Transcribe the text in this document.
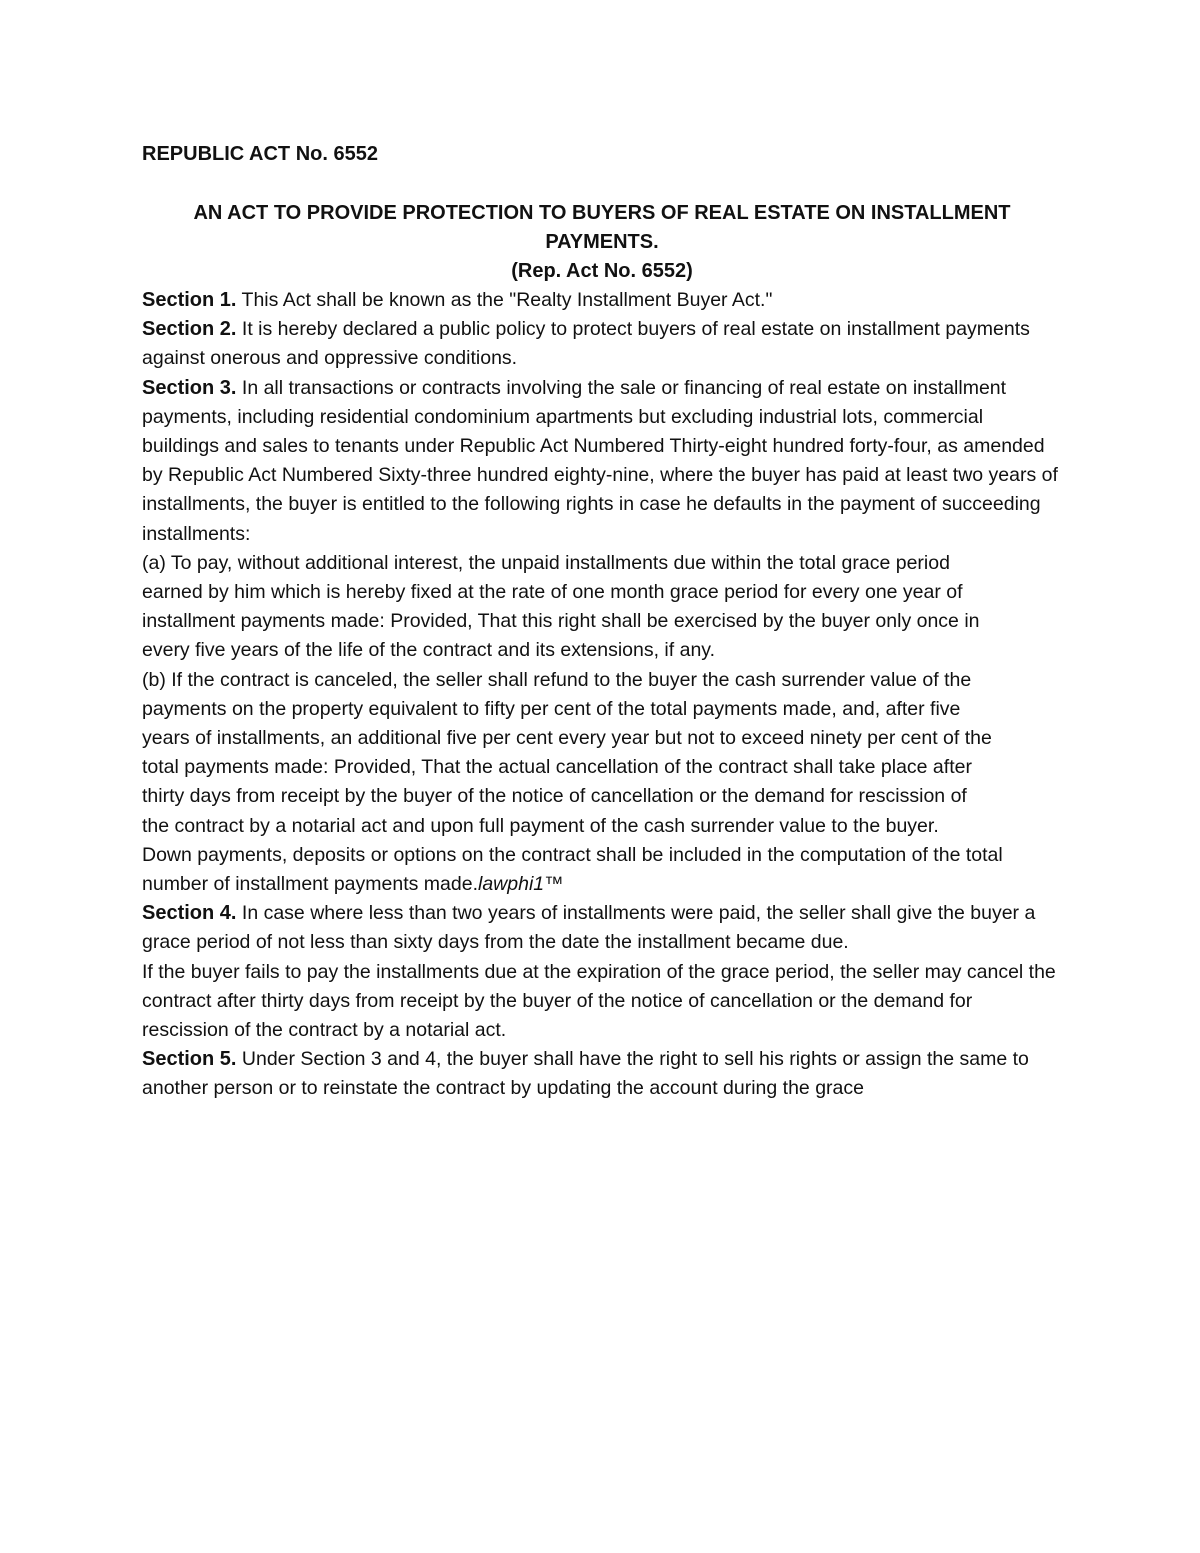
REPUBLIC ACT No. 6552

AN ACT TO PROVIDE PROTECTION TO BUYERS OF REAL ESTATE ON INSTALLMENT PAYMENTS.

(Rep. Act No. 6552)

Section 1. This Act shall be known as the "Realty Installment Buyer Act."

Section 2. It is hereby declared a public policy to protect buyers of real estate on installment payments against onerous and oppressive conditions.

Section 3. In all transactions or contracts involving the sale or financing of real estate on installment payments, including residential condominium apartments but excluding industrial lots, commercial buildings and sales to tenants under Republic Act Numbered Thirty-eight hundred forty-four, as amended by Republic Act Numbered Sixty-three hundred eighty-nine, where the buyer has paid at least two years of installments, the buyer is entitled to the following rights in case he defaults in the payment of succeeding installments:

(a) To pay, without additional interest, the unpaid installments due within the total grace period earned by him which is hereby fixed at the rate of one month grace period for every one year of installment payments made: Provided, That this right shall be exercised by the buyer only once in every five years of the life of the contract and its extensions, if any.

(b) If the contract is canceled, the seller shall refund to the buyer the cash surrender value of the payments on the property equivalent to fifty per cent of the total payments made, and, after five years of installments, an additional five per cent every year but not to exceed ninety per cent of the total payments made: Provided, That the actual cancellation of the contract shall take place after thirty days from receipt by the buyer of the notice of cancellation or the demand for rescission of the contract by a notarial act and upon full payment of the cash surrender value to the buyer.

Down payments, deposits or options on the contract shall be included in the computation of the total number of installment payments made.lawphi1™

Section 4. In case where less than two years of installments were paid, the seller shall give the buyer a grace period of not less than sixty days from the date the installment became due.

If the buyer fails to pay the installments due at the expiration of the grace period, the seller may cancel the contract after thirty days from receipt by the buyer of the notice of cancellation or the demand for rescission of the contract by a notarial act.

Section 5. Under Section 3 and 4, the buyer shall have the right to sell his rights or assign the same to another person or to reinstate the contract by updating the account during the grace
